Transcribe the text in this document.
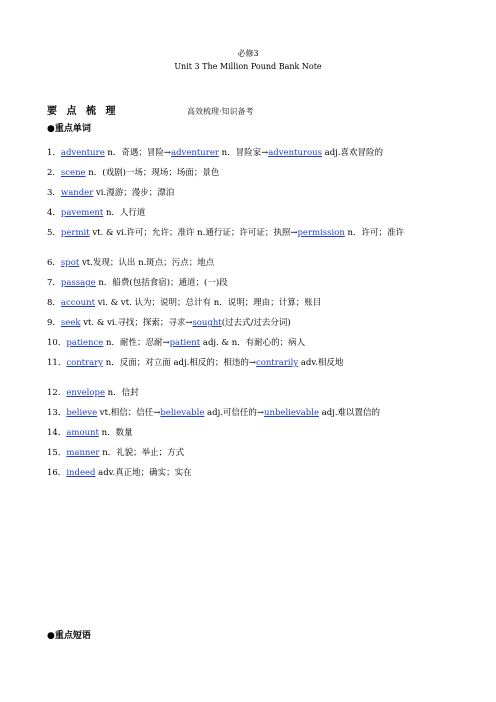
必修3
Unit 3 The Million Pound Bank Note
要 点 梳 理	高效梳理·知识备考
●重点单词
1．adventure n．奇遇；冒险→adventurer n．冒险家→adventurous adj.喜欢冒险的
2．scene n．(戏剧)一场；现场；场面；景色
3．wander vi.漫游；漫步；漂泊
4．pavement n．人行道
5．permit vt. & vi.许可；允许；准许 n.通行证；许可证；执照→permission n．许可；准许
6．spot vt.发现；认出 n.斑点；污点；地点
7．passage n．船费(包括食宿)；通道；(一)段
8．account vi. & vt. 认为；说明；总计有 n．说明；理由；计算；账目
9．seek vt. & vi.寻找；探索；寻求→sought(过去式/过去分词)
10．patience n．耐性；忍耐→patient adj. & n．有耐心的；病人
11．contrary n．反面；对立面 adj.相反的；相违的→contrarily adv.相反地
12．envelope n．信封
13．believe vt.相信；信任→believable adj.可信任的→unbelievable adj.难以置信的
14．amount n．数量
15．manner n．礼貌；举止；方式
16．indeed adv.真正地；确实；实在
●重点短语
